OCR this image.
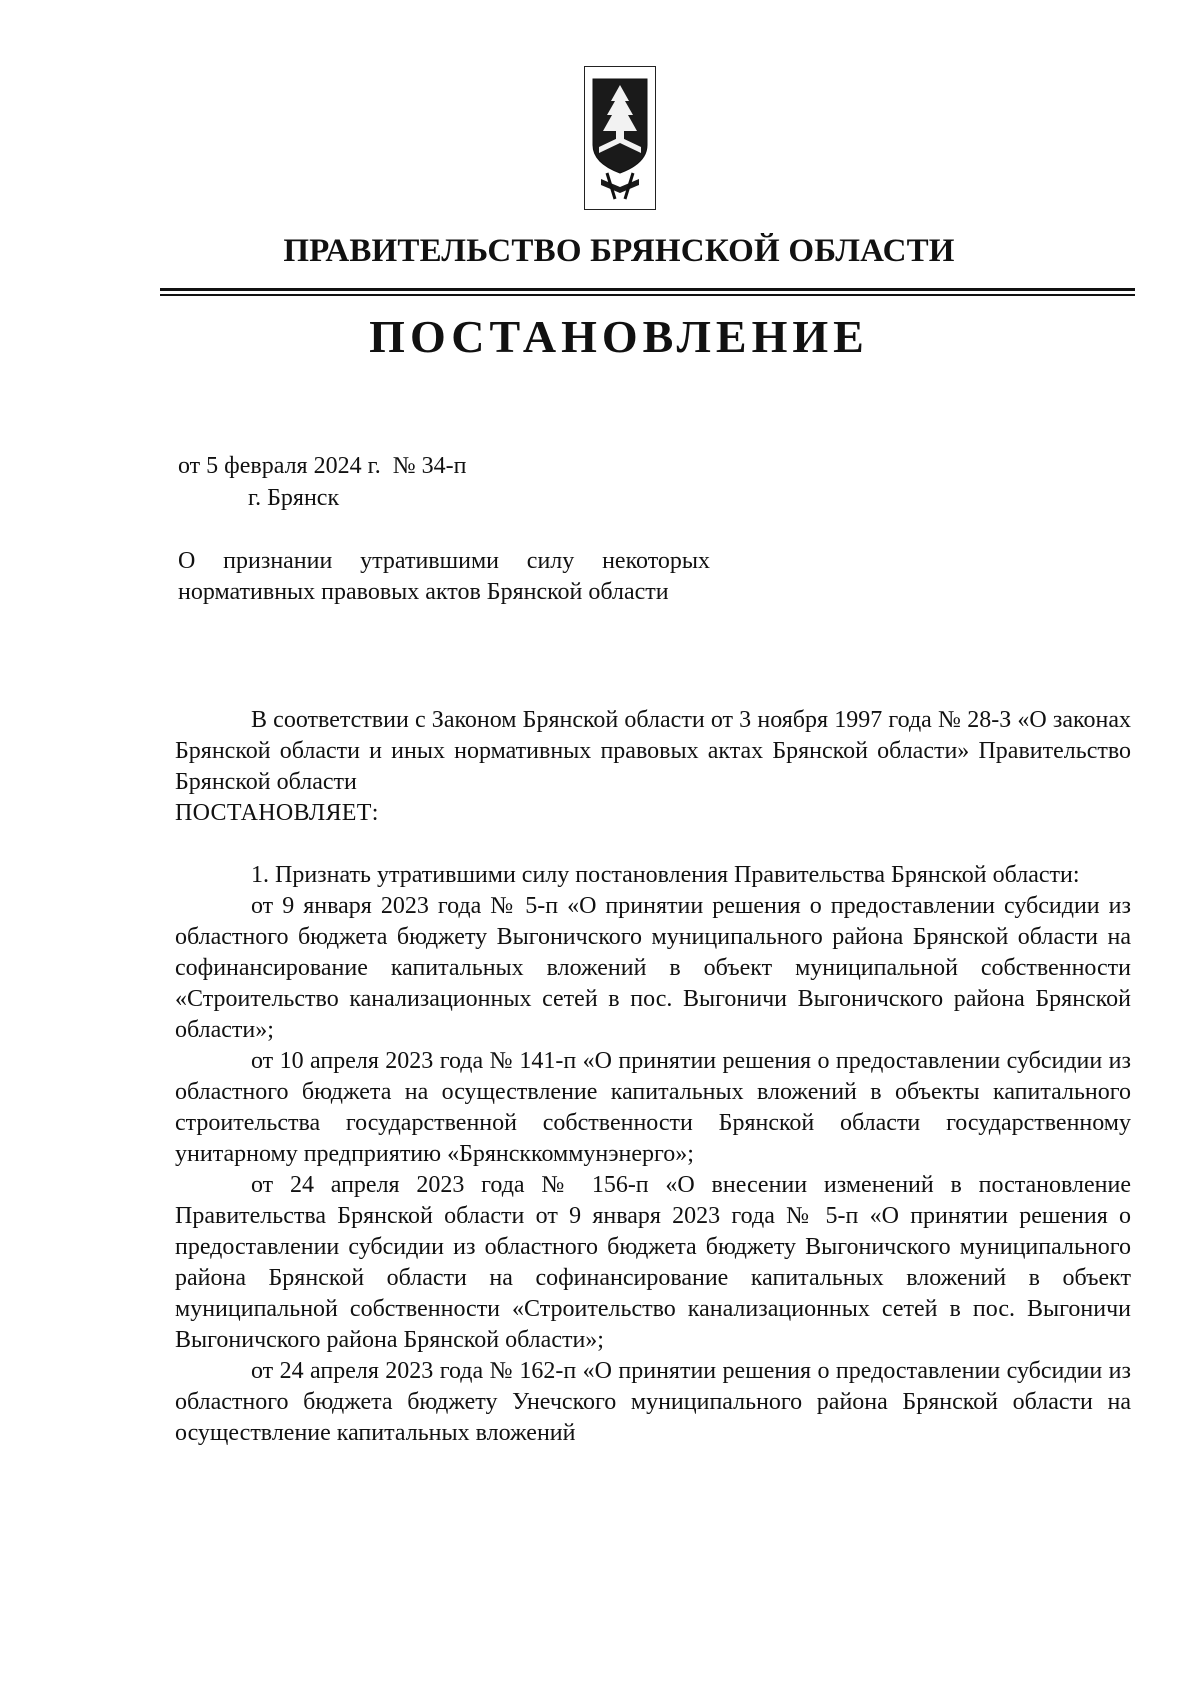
ПРАВИТЕЛЬСТВО БРЯНСКОЙ ОБЛАСТИ
ПОСТАНОВЛЕНИЕ
от 5 февраля 2024 г. № 34-п
г. Брянск
О признании утратившими силу некоторых нормативных правовых актов Брянской области

В соответствии с Законом Брянской области от 3 ноября 1997 года № 28-З «О законах Брянской области и иных нормативных правовых актах Брянской области» Правительство Брянской области

ПОСТАНОВЛЯЕТ:

1. Признать утратившими силу постановления Правительства Брянской области:

от 9 января 2023 года № 5-п «О принятии решения о предоставлении субсидии из областного бюджета бюджету Выгоничского муниципального района Брянской области на софинансирование капитальных вложений в объект муниципальной собственности «Строительство канализационных сетей в пос. Выгоничи Выгоничского района Брянской области»;

от 10 апреля 2023 года № 141-п «О принятии решения о предоставлении субсидии из областного бюджета на осуществление капитальных вложений в объекты капитального строительства государственной собственности Брянской области государственному унитарному предприятию «Брянсккоммунэнерго»;

от 24 апреля 2023 года № 156-п «О внесении изменений в постановление Правительства Брянской области от 9 января 2023 года № 5-п «О принятии решения о предоставлении субсидии из областного бюджета бюджету Выгоничского муниципального района Брянской области на софинансирование капитальных вложений в объект муниципальной собственности «Строительство канализационных сетей в пос. Выгоничи Выгоничского района Брянской области»;

от 24 апреля 2023 года № 162-п «О принятии решения о предоставлении субсидии из областного бюджета бюджету Унечского муниципального района Брянской области на осуществление капитальных вложений
